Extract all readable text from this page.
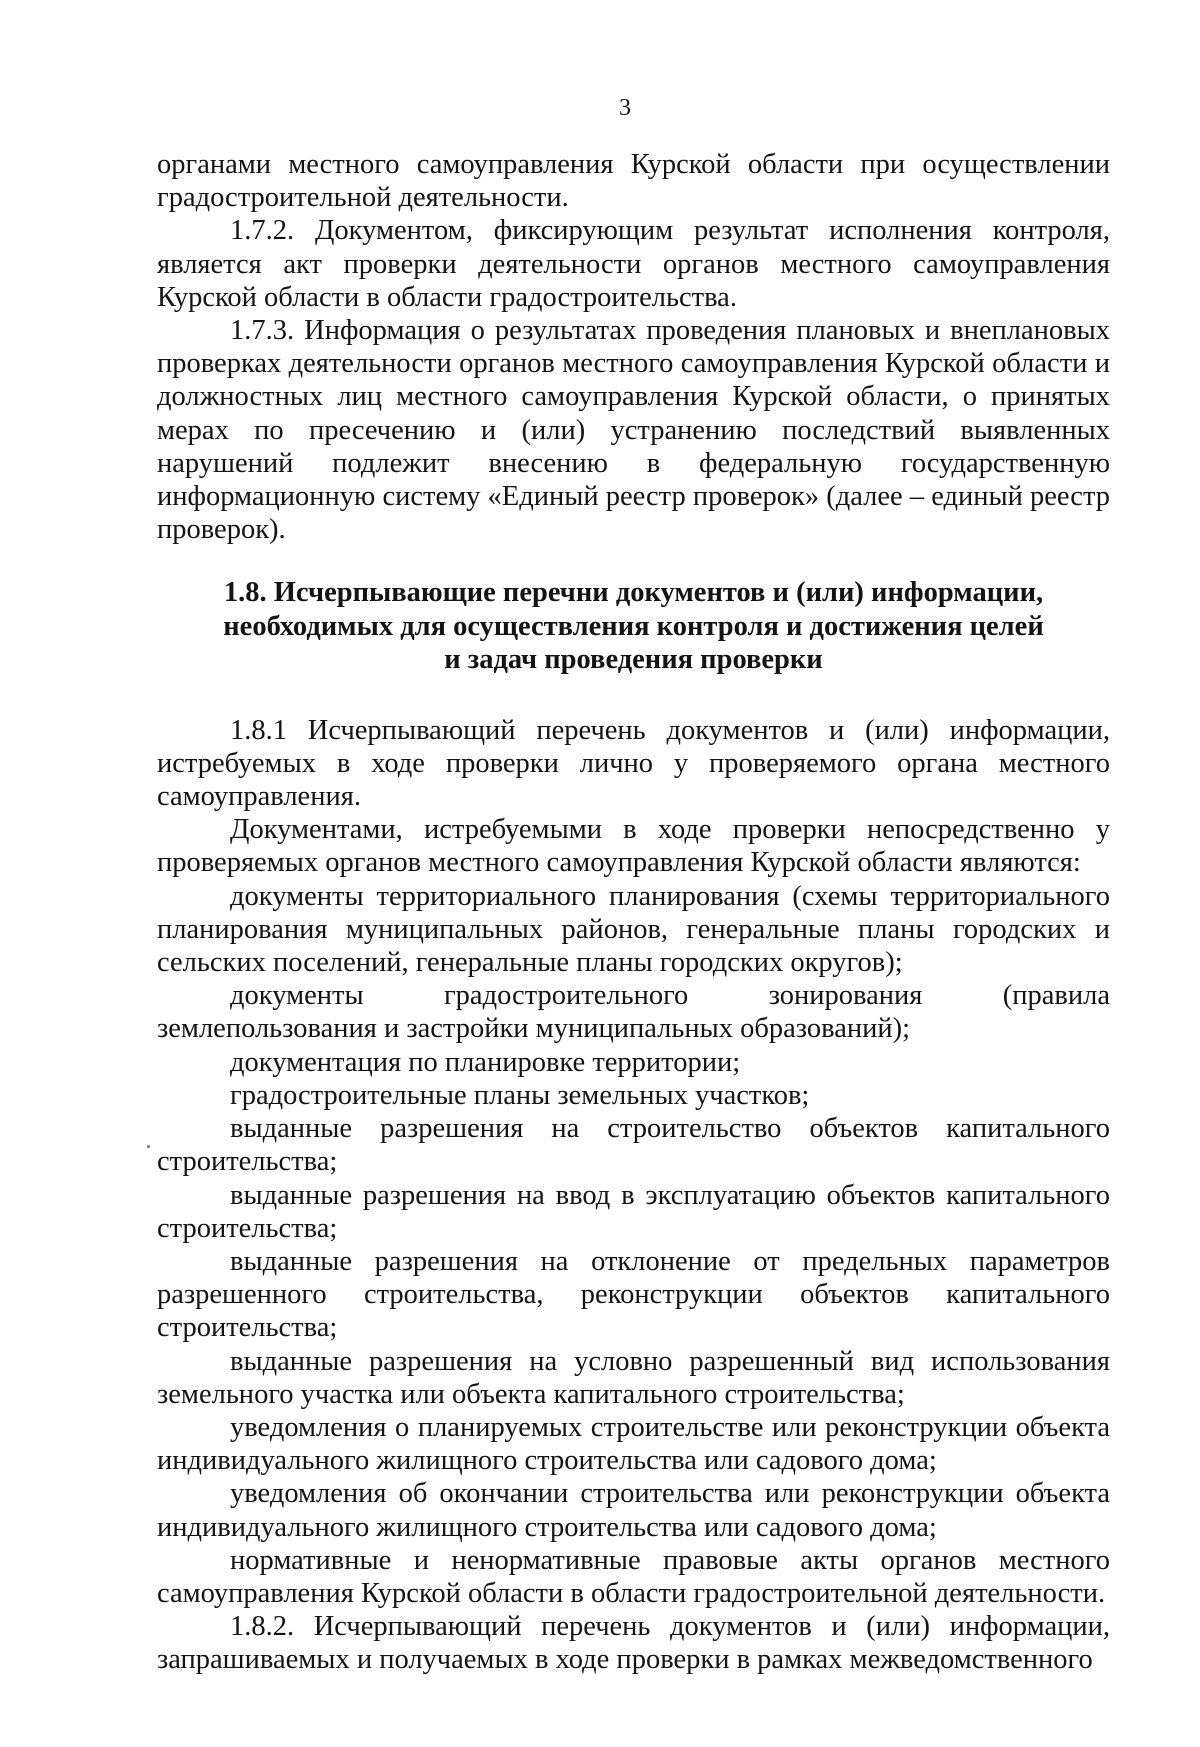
3

органами местного самоуправления Курской области при осуществлении градостроительной деятельности.

1.7.2. Документом, фиксирующим результат исполнения контроля, является акт проверки деятельности органов местного самоуправления Курской области в области градостроительства.

1.7.3. Информация о результатах проведения плановых и внеплановых проверках деятельности органов местного самоуправления Курской области и должностных лиц местного самоуправления Курской области, о принятых мерах по пресечению и (или) устранению последствий выявленных нарушений подлежит внесению в федеральную государственную информационную систему «Единый реестр проверок» (далее – единый реестр проверок).

1.8. Исчерпывающие перечни документов и (или) информации,
необходимых для осуществления контроля и достижения целей
и задач проведения проверки

1.8.1 Исчерпывающий перечень документов и (или) информации, истребуемых в ходе проверки лично у проверяемого органа местного самоуправления.

Документами, истребуемыми в ходе проверки непосредственно у проверяемых органов местного самоуправления Курской области являются:

документы территориального планирования (схемы территориального планирования муниципальных районов, генеральные планы городских и сельских поселений, генеральные планы городских округов);

документы градостроительного зонирования (правила землепользования и застройки муниципальных образований);

документация по планировке территории;

градостроительные планы земельных участков;

выданные разрешения на строительство объектов капитального строительства;

выданные разрешения на ввод в эксплуатацию объектов капитального строительства;

выданные разрешения на отклонение от предельных параметров разрешенного строительства, реконструкции объектов капитального строительства;

выданные разрешения на условно разрешенный вид использования земельного участка или объекта капитального строительства;

уведомления о планируемых строительстве или реконструкции объекта индивидуального жилищного строительства или садового дома;

уведомления об окончании строительства или реконструкции объекта индивидуального жилищного строительства или садового дома;

нормативные и ненормативные правовые акты органов местного самоуправления Курской области в области градостроительной деятельности.

1.8.2. Исчерпывающий перечень документов и (или) информации, запрашиваемых и получаемых в ходе проверки в рамках межведомственного
